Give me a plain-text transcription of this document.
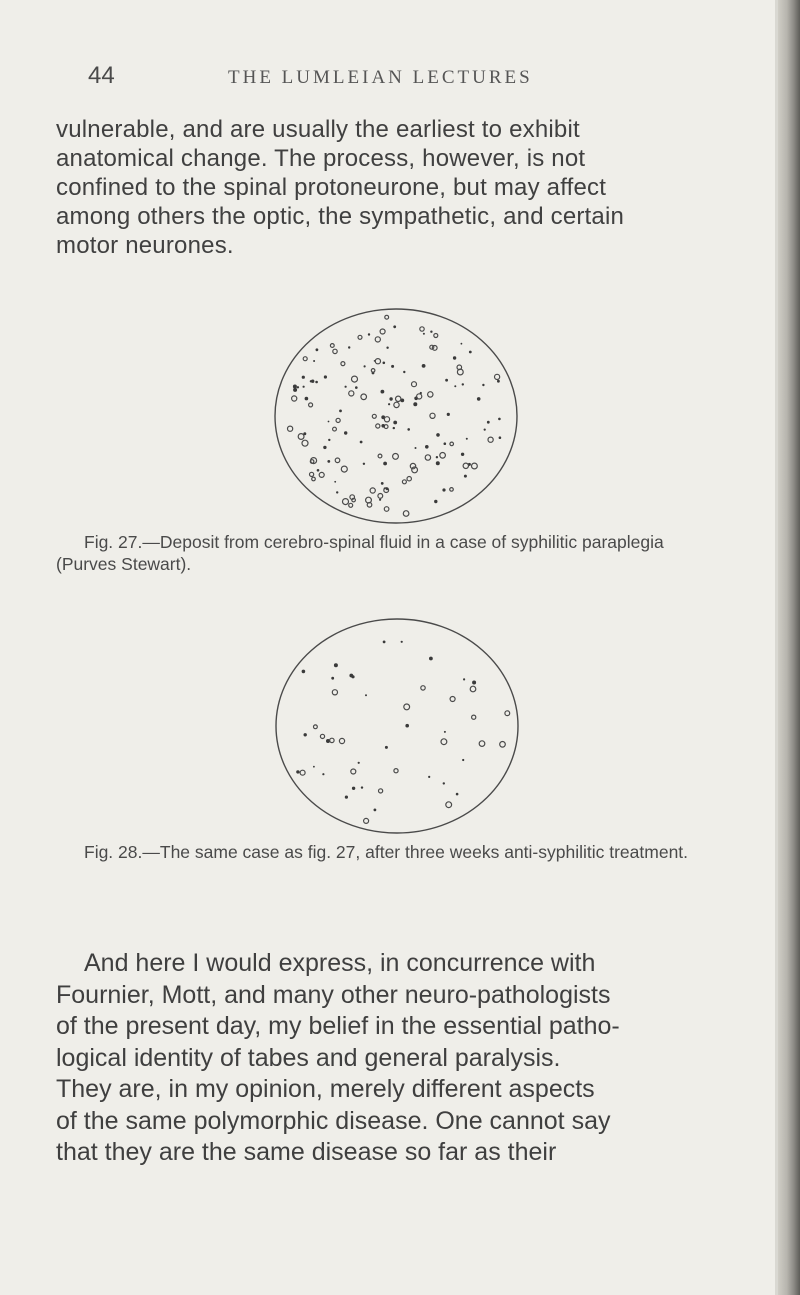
44	THE LUMLEIAN LECTURES

vulnerable, and are usually the earliest to exhibit
anatomical change. The process, however, is not
confined to the spinal protoneurone, but may affect
among others the optic, the sympathetic, and certain
motor neurones.

Fig. 27.—Deposit from cerebro-spinal fluid in a case of syphilitic paraplegia (Purves Stewart).
Fig. 28.—The same case as fig. 27, after three weeks anti-syphilitic treatment.

And here I would express, in concurrence with
Fournier, Mott, and many other neuro-pathologists
of the present day, my belief in the essential patho-
logical identity of tabes and general paralysis.
They are, in my opinion, merely different aspects
of the same polymorphic disease. One cannot say
that they are the same disease so far as their
